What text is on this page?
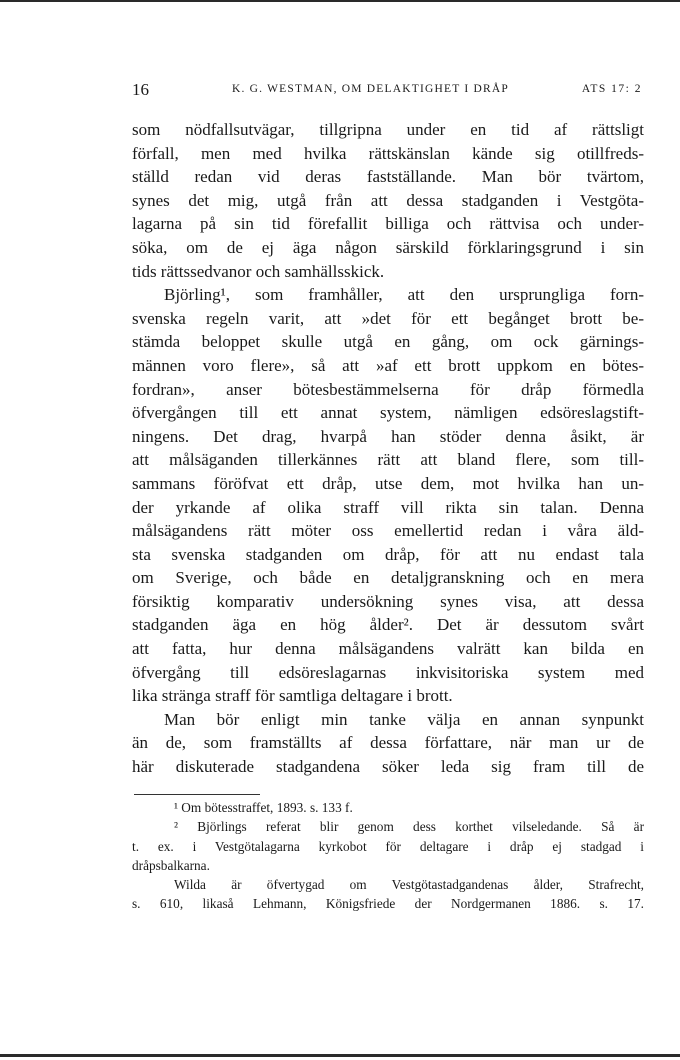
16	K. G. WESTMAN, OM DELAKTIGHET I DRÅP	ATS 17: 2
som nödfallsutvägar, tillgripna under en tid af rättsligt
förfall, men med hvilka rättskänslan kände sig otillfreds-
ställd redan vid deras fastställande. Man bör tvärtom,
synes det mig, utgå från att dessa stadganden i Vestgöta-
lagarna på sin tid förefallit billiga och rättvisa och under-
söka, om de ej äga någon särskild förklaringsgrund i sin
tids rättssedvanor och samhällsskick.
Björling¹, som framhåller, att den ursprungliga forn-
svenska regeln varit, att »det för ett begånget brott be-
stämda beloppet skulle utgå en gång, om ock gärnings-
männen voro flere», så att »af ett brott uppkom en bötes-
fordran», anser bötesbestämmelserna för dråp förmedla
öfvergången till ett annat system, nämligen edsöreslagstift-
ningens. Det drag, hvarpå han stöder denna åsikt, är
att målsäganden tillerkännes rätt att bland flere, som till-
sammans föröfvat ett dråp, utse dem, mot hvilka han un-
der yrkande af olika straff vill rikta sin talan. Denna
målsägandens rätt möter oss emellertid redan i våra äld-
sta svenska stadganden om dråp, för att nu endast tala
om Sverige, och både en detaljgranskning och en mera
försiktig komparativ undersökning synes visa, att dessa
stadganden äga en hög ålder². Det är dessutom svårt
att fatta, hur denna målsägandens valrätt kan bilda en
öfvergång till edsöreslagarnas inkvisitoriska system med
lika stränga straff för samtliga deltagare i brott.
Man bör enligt min tanke välja en annan synpunkt
än de, som framställts af dessa författare, när man ur de
här diskuterade stadgandena söker leda sig fram till de
¹ Om bötesstraffet, 1893. s. 133 f.
² Björlings referat blir genom dess korthet vilseledande. Så är
t. ex. i Vestgötalagarna kyrkobot för deltagare i dråp ej stadgad i
dråpsbalkarna.
Wilda är öfvertygad om Vestgötastadgandenas ålder, Strafrecht,
s. 610, likaså Lehmann, Königsfriede der Nordgermanen 1886. s. 17.
